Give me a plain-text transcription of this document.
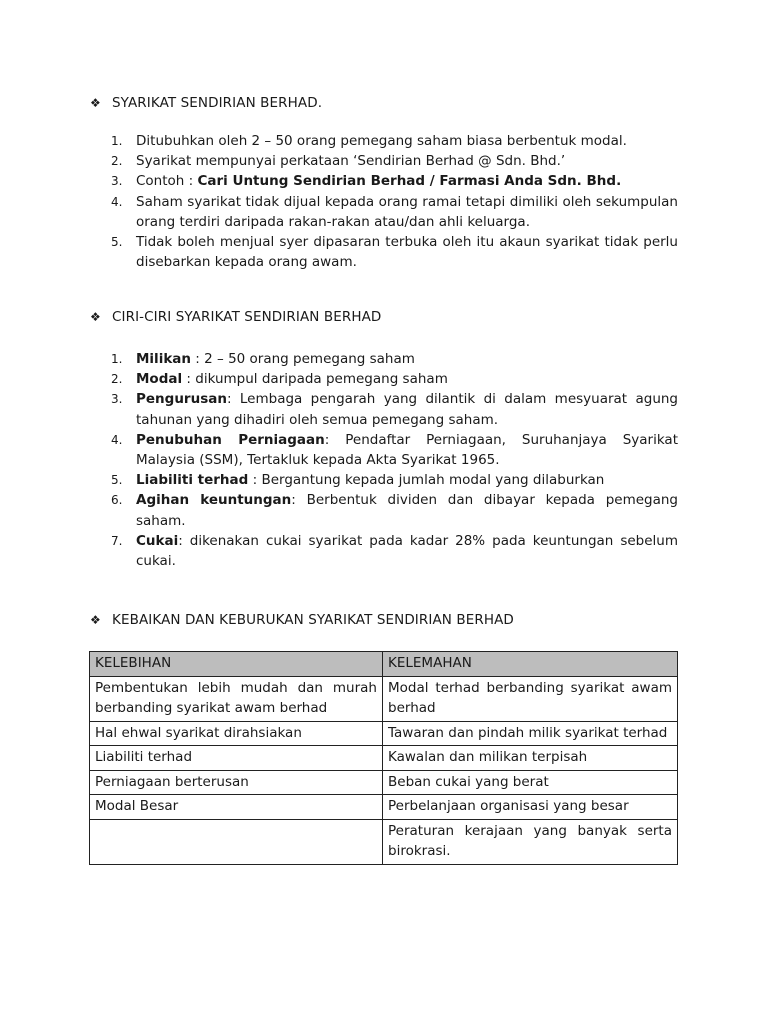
❖ SYARIKAT SENDIRIAN BERHAD.
1. Ditubuhkan oleh 2 – 50 orang pemegang saham biasa berbentuk modal.
2. Syarikat mempunyai perkataan ‘Sendirian Berhad @ Sdn. Bhd.’
3. Contoh : Cari Untung Sendirian Berhad / Farmasi Anda Sdn. Bhd.
4. Saham syarikat tidak dijual kepada orang ramai tetapi dimiliki oleh sekumpulan orang terdiri daripada rakan-rakan atau/dan ahli keluarga.
5. Tidak boleh menjual syer dipasaran terbuka oleh itu akaun syarikat tidak perlu disebarkan kepada orang awam.
❖ CIRI-CIRI SYARIKAT SENDIRIAN BERHAD
1. Milikan : 2 – 50 orang pemegang saham
2. Modal : dikumpul daripada pemegang saham
3. Pengurusan: Lembaga pengarah yang dilantik di dalam mesyuarat agung tahunan yang dihadiri oleh semua pemegang saham.
4. Penubuhan Perniagaan: Pendaftar Perniagaan, Suruhanjaya Syarikat Malaysia (SSM), Tertakluk kepada Akta Syarikat 1965.
5. Liabiliti terhad : Bergantung kepada jumlah modal yang dilaburkan
6. Agihan keuntungan: Berbentuk dividen dan dibayar kepada pemegang saham.
7. Cukai: dikenakan cukai syarikat pada kadar 28% pada keuntungan sebelum cukai.
❖ KEBAIKAN DAN KEBURUKAN SYARIKAT SENDIRIAN BERHAD
KELEBIHAN	KELEMAHAN
Pembentukan lebih mudah dan murah berbanding syarikat awam berhad	Modal terhad berbanding syarikat awam berhad
Hal ehwal syarikat dirahsiakan	Tawaran dan pindah milik syarikat terhad
Liabiliti terhad	Kawalan dan milikan terpisah
Perniagaan berterusan	Beban cukai yang berat
Modal Besar	Perbelanjaan organisasi yang besar
	Peraturan kerajaan yang banyak serta birokrasi.
